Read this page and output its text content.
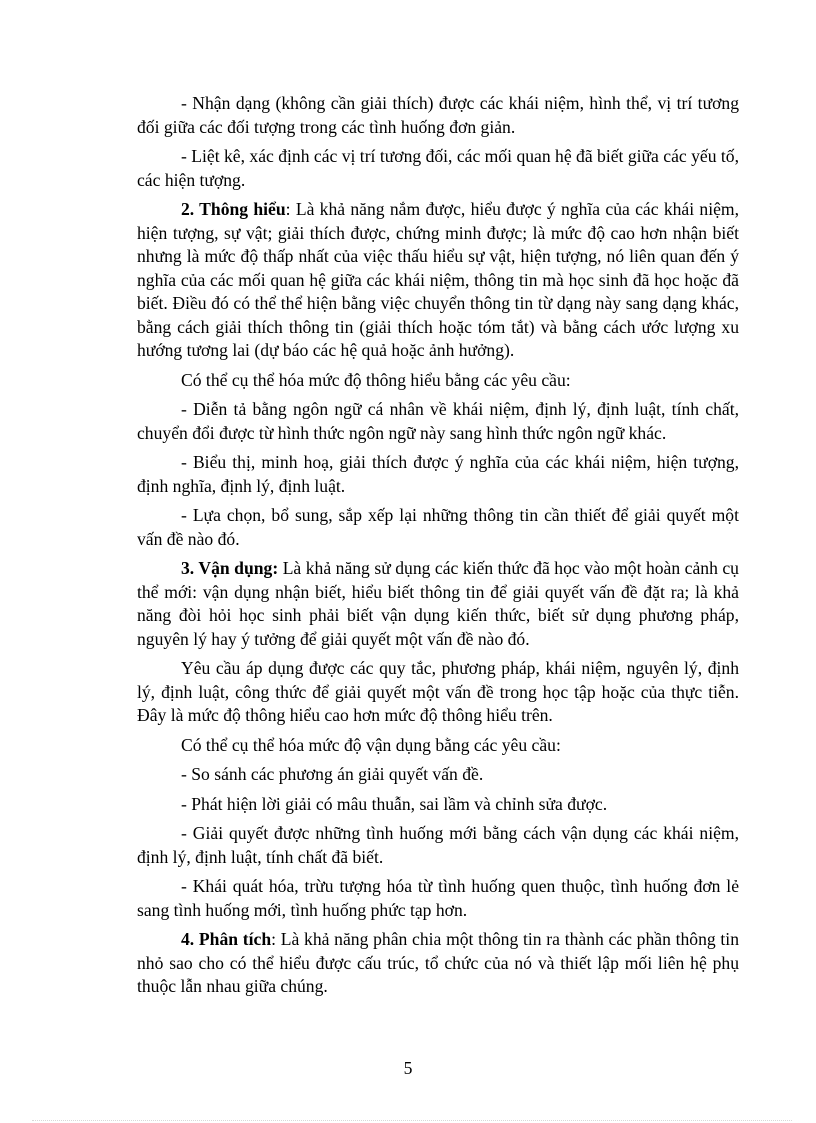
- Nhận dạng (không cần giải thích) được các khái niệm, hình thể, vị trí tương đối giữa các đối tượng trong các tình huống đơn giản.

- Liệt kê, xác định các vị trí tương đối, các mối quan hệ đã biết giữa các yếu tố, các hiện tượng.

2. Thông hiểu: Là khả năng nắm được, hiểu được ý nghĩa của các khái niệm, hiện tượng, sự vật; giải thích được, chứng minh được; là mức độ cao hơn nhận biết nhưng là mức độ thấp nhất của việc thấu hiểu sự vật, hiện tượng, nó liên quan đến ý nghĩa của các mối quan hệ giữa các khái niệm, thông tin mà học sinh đã học hoặc đã biết. Điều đó có thể thể hiện bằng việc chuyển thông tin từ dạng này sang dạng khác, bằng cách giải thích thông tin (giải thích hoặc tóm tắt) và bằng cách ước lượng xu hướng tương lai (dự báo các hệ quả hoặc ảnh hưởng).

Có thể cụ thể hóa mức độ thông hiểu bằng các yêu cầu:

- Diễn tả bằng ngôn ngữ cá nhân về khái niệm, định lý, định luật, tính chất, chuyển đổi được từ hình thức ngôn ngữ này sang hình thức ngôn ngữ khác.

- Biểu thị, minh hoạ, giải thích được ý nghĩa của các khái niệm, hiện tượng, định nghĩa, định lý, định luật.

- Lựa chọn, bổ sung, sắp xếp lại những thông tin cần thiết để giải quyết một vấn đề nào đó.

3. Vận dụng: Là khả năng sử dụng các kiến thức đã học vào một hoàn cảnh cụ thể mới: vận dụng nhận biết, hiểu biết thông tin để giải quyết vấn đề đặt ra; là khả năng đòi hỏi học sinh phải biết vận dụng kiến thức, biết sử dụng phương pháp, nguyên lý hay ý tưởng để giải quyết một vấn đề nào đó.

Yêu cầu áp dụng được các quy tắc, phương pháp, khái niệm, nguyên lý, định lý, định luật, công thức để giải quyết một vấn đề trong học tập hoặc của thực tiễn. Đây là mức độ thông hiểu cao hơn mức độ thông hiểu trên.

Có thể cụ thể hóa mức độ vận dụng bằng các yêu cầu:

- So sánh các phương án giải quyết vấn đề.

- Phát hiện lời giải có mâu thuẫn, sai lầm và chỉnh sửa được.

- Giải quyết được những tình huống mới bằng cách vận dụng các khái niệm, định lý, định luật, tính chất đã biết.

- Khái quát hóa, trừu tượng hóa từ tình huống quen thuộc, tình huống đơn lẻ sang tình huống mới, tình huống phức tạp hơn.

4. Phân tích: Là khả năng phân chia một thông tin ra thành các phần thông tin nhỏ sao cho có thể hiểu được cấu trúc, tổ chức của nó và thiết lập mối liên hệ phụ thuộc lẫn nhau giữa chúng.

5
